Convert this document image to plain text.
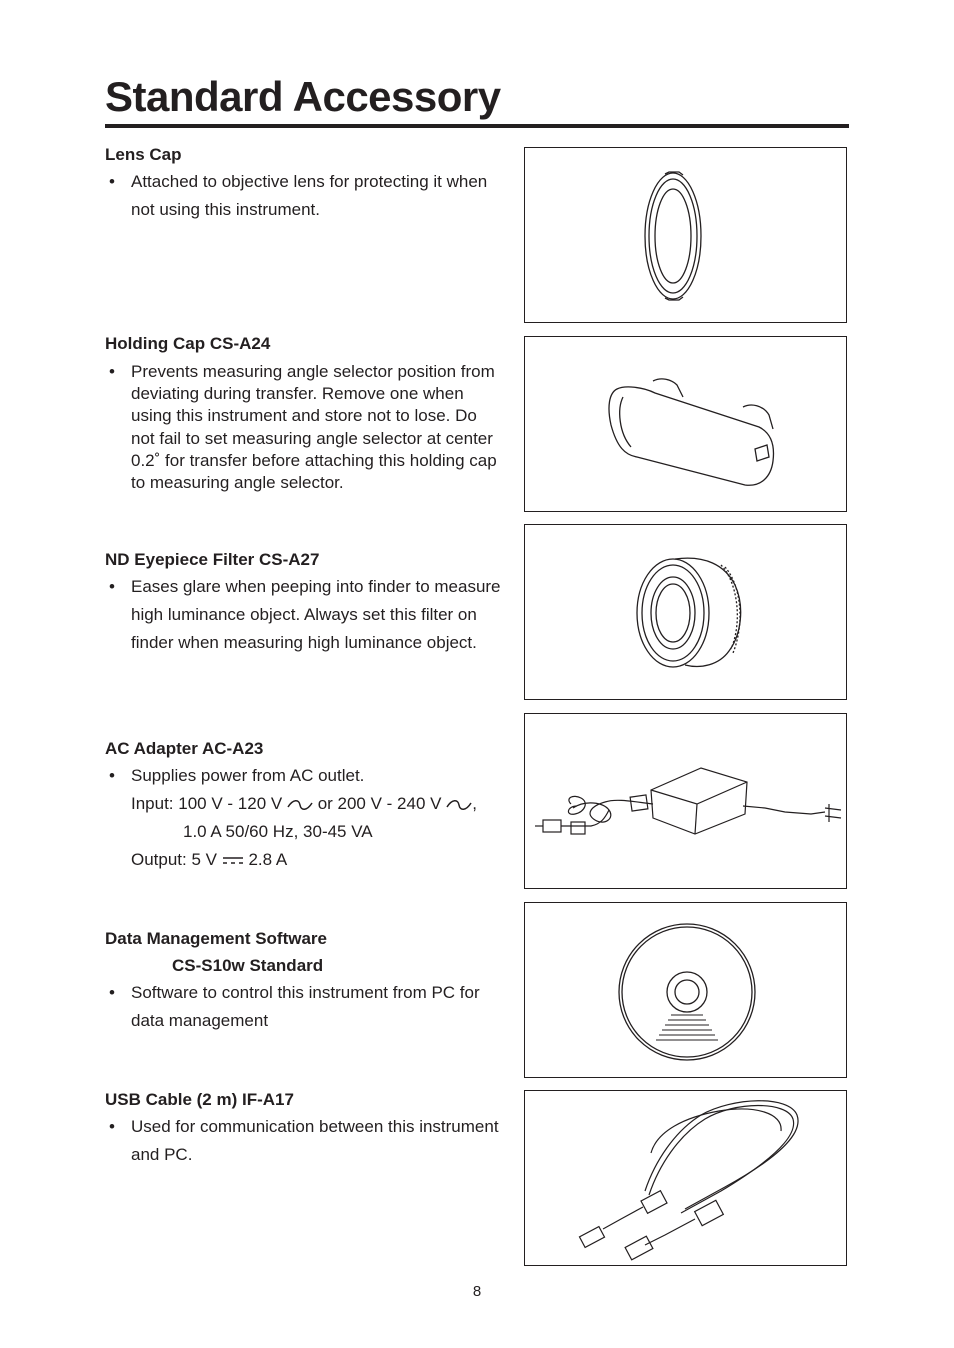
Standard Accessory
Lens Cap
• Attached to objective lens for protecting it when not using this instrument.
Holding Cap CS-A24
• Prevents measuring angle selector position from deviating during transfer. Remove one when using this instrument and store not to lose. Do not fail to set measuring angle selector at center 0.2˚ for transfer before attaching this holding cap to measuring angle selector.
ND Eyepiece Filter CS-A27
• Eases glare when peeping into finder to measure high luminance object. Always set this filter on finder when measuring high luminance object.
AC Adapter AC-A23
• Supplies power from AC outlet.
Input: 100 V - 120 V or 200 V - 240 V ,
1.0 A 50/60 Hz, 30-45 VA
Output: 5 V 2.8 A
Data Management Software
CS-S10w Standard
• Software to control this instrument from PC for data management
USB Cable (2 m) IF-A17
• Used for communication between this instrument and PC.
8
